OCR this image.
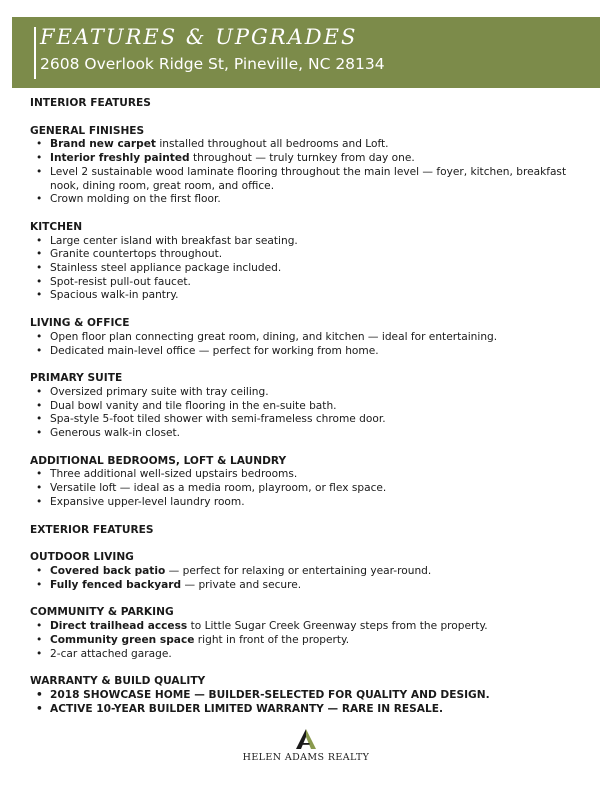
FEATURES & UPGRADES
2608 Overlook Ridge St, Pineville, NC 28134
INTERIOR FEATURES
GENERAL FINISHES
• Brand new carpet installed throughout all bedrooms and Loft.
• Interior freshly painted throughout — truly turnkey from day one.
• Level 2 sustainable wood laminate flooring throughout the main level — foyer, kitchen, breakfast nook, dining room, great room, and office.
• Crown molding on the first floor.
KITCHEN
• Large center island with breakfast bar seating.
• Granite countertops throughout.
• Stainless steel appliance package included.
• Spot-resist pull-out faucet.
• Spacious walk-in pantry.
LIVING & OFFICE
• Open floor plan connecting great room, dining, and kitchen — ideal for entertaining.
• Dedicated main-level office — perfect for working from home.
PRIMARY SUITE
• Oversized primary suite with tray ceiling.
• Dual bowl vanity and tile flooring in the en-suite bath.
• Spa-style 5-foot tiled shower with semi-frameless chrome door.
• Generous walk-in closet.
ADDITIONAL BEDROOMS, LOFT & LAUNDRY
• Three additional well-sized upstairs bedrooms.
• Versatile loft — ideal as a media room, playroom, or flex space.
• Expansive upper-level laundry room.
EXTERIOR FEATURES
OUTDOOR LIVING
• Covered back patio — perfect for relaxing or entertaining year-round.
• Fully fenced backyard — private and secure.
COMMUNITY & PARKING
• Direct trailhead access to Little Sugar Creek Greenway steps from the property.
• Community green space right in front of the property.
• 2-car attached garage.
WARRANTY & BUILD QUALITY
• 2018 SHOWCASE HOME — BUILDER-SELECTED FOR QUALITY AND DESIGN.
• ACTIVE 10-YEAR BUILDER LIMITED WARRANTY — RARE IN RESALE.
HELEN ADAMS REALTY
